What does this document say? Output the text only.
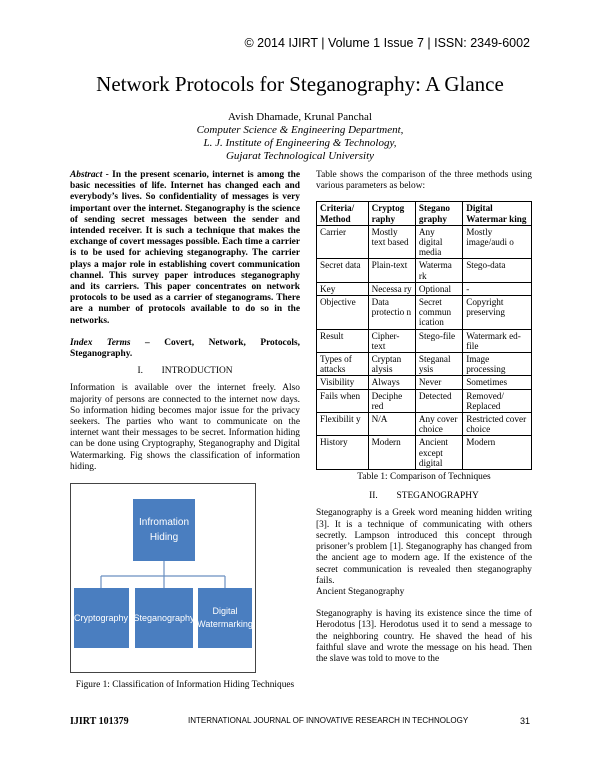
© 2014 IJIRT | Volume 1 Issue 7 | ISSN: 2349-6002
Network Protocols for Steganography: A Glance
Avish Dhamade, Krunal Panchal
Computer Science & Engineering Department,
L. J. Institute of Engineering & Technology,
Gujarat Technological University

Abstract - In the present scenario, internet is among the basic necessities of life. Internet has changed each and everybody’s lives. So confidentiality of messages is very important over the internet. Steganography is the science of sending secret messages between the sender and intended receiver. It is such a technique that makes the exchange of covert messages possible. Each time a carrier is to be used for achieving steganography. The carrier plays a major role in establishing covert communication channel. This survey paper introduces steganography and its carriers. This paper concentrates on network protocols to be used as a carrier of steganograms. There are a number of protocols available to do so in the networks.

Index Terms – Covert, Network, Protocols, Steganography.

I.        INTRODUCTION

Information is available over the internet freely. Also majority of persons are connected to the internet now days. So information hiding becomes major issue for the privacy seekers. The parties who want to communicate on the internet want their messages to be secret. Information hiding can be done using Cryptography, Steganography and Digital Watermarking. Fig shows the classification of information hiding.

Infromation
Hiding
Cryptography Steganography
Digital
Watermarking

Figure 1: Classification of Information Hiding Techniques

Table shows the comparison of the three methods using various parameters as below:

Criteria/ Method	Cryptog raphy	Stegano graphy	Digital Watermar king
Carrier	Mostly text based	Any digital media	Mostly image/audi o
Secret data	Plain-text	Waterma rk	Stego-data
Key	Necessa ry	Optional	-
Objective	Data protectio n	Secret commun ication	Copyright preserving
Result	Cipher-text	Stego-file	Watermark ed-file
Types of attacks	Cryptan alysis	Steganal ysis	Image processing
Visibility	Always	Never	Sometimes
Fails when	Deciphe red	Detected	Removed/ Replaced
Flexibilit y	N/A	Any cover choice	Restricted cover choice
History	Modern	Ancient except digital	Modern

Table 1: Comparison of Techniques

II.        STEGANOGRAPHY

Steganography is a Greek word meaning hidden writing [3]. It is a technique of communicating with others secretly. Lampson introduced this concept through prisoner’s problem [1]. Steganography has changed from the ancient age to modern age. If the existence of the secret communication is revealed then steganography fails.

Ancient Steganography

Steganography is having its existence since the time of Herodotus [13]. Herodotus used it to send a message to the neighboring country. He shaved the head of his faithful slave and wrote the message on his head. Then the slave was told to move to the

IJIRT 101379	INTERNATIONAL JOURNAL OF INNOVATIVE RESEARCH IN TECHNOLOGY	31
